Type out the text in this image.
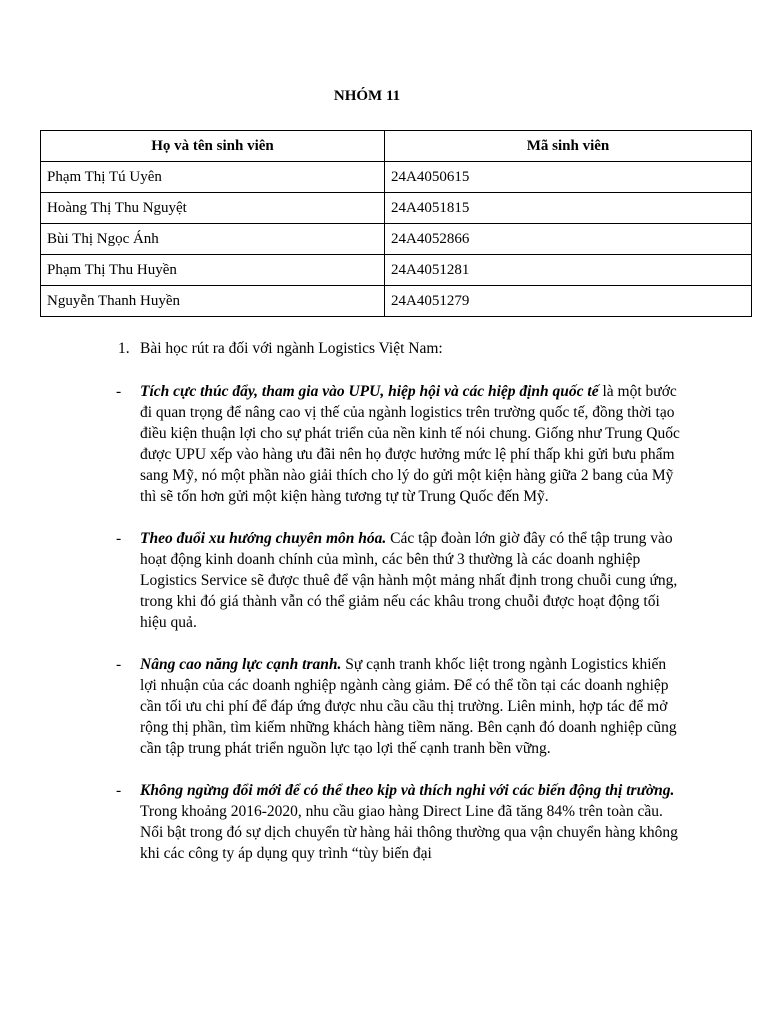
NHÓM 11
Họ và tên sinh viên	Mã sinh viên
Phạm Thị Tú Uyên	24A4050615
Hoàng Thị Thu Nguyệt	24A4051815
Bùi Thị Ngọc Ánh	24A4052866
Phạm Thị Thu Huyền	24A4051281
Nguyễn Thanh Huyền	24A4051279
1. Bài học rút ra đối với ngành Logistics Việt Nam:
- Tích cực thúc đẩy, tham gia vào UPU, hiệp hội và các hiệp định quốc tế là một bước đi quan trọng để nâng cao vị thế của ngành logistics trên trường quốc tế, đồng thời tạo điều kiện thuận lợi cho sự phát triển của nền kinh tế nói chung. Giống như Trung Quốc được UPU xếp vào hàng ưu đãi nên họ được hưởng mức lệ phí thấp khi gửi bưu phẩm sang Mỹ, nó một phần nào giải thích cho lý do gửi một kiện hàng giữa 2 bang của Mỹ thì sẽ tốn hơn gửi một kiện hàng tương tự từ Trung Quốc đến Mỹ.
- Theo đuổi xu hướng chuyên môn hóa. Các tập đoàn lớn giờ đây có thể tập trung vào hoạt động kinh doanh chính của mình, các bên thứ 3 thường là các doanh nghiệp Logistics Service sẽ được thuê để vận hành một mảng nhất định trong chuỗi cung ứng, trong khi đó giá thành vẫn có thể giảm nếu các khâu trong chuỗi được hoạt động tối hiệu quả.
- Nâng cao năng lực cạnh tranh. Sự cạnh tranh khốc liệt trong ngành Logistics khiến lợi nhuận của các doanh nghiệp ngành càng giảm. Để có thể tồn tại các doanh nghiệp cần tối ưu chi phí để đáp ứng được nhu cầu cầu thị trường. Liên minh, hợp tác để mở rộng thị phần, tìm kiếm những khách hàng tiềm năng. Bên cạnh đó doanh nghiệp cũng cần tập trung phát triển nguồn lực tạo lợi thế cạnh tranh bền vững.
- Không ngừng đổi mới để có thể theo kịp và thích nghi với các biến động thị trường. Trong khoảng 2016-2020, nhu cầu giao hàng Direct Line đã tăng 84% trên toàn cầu. Nổi bật trong đó sự dịch chuyển từ hàng hải thông thường qua vận chuyển hàng không khi các công ty áp dụng quy trình “tùy biến đại
